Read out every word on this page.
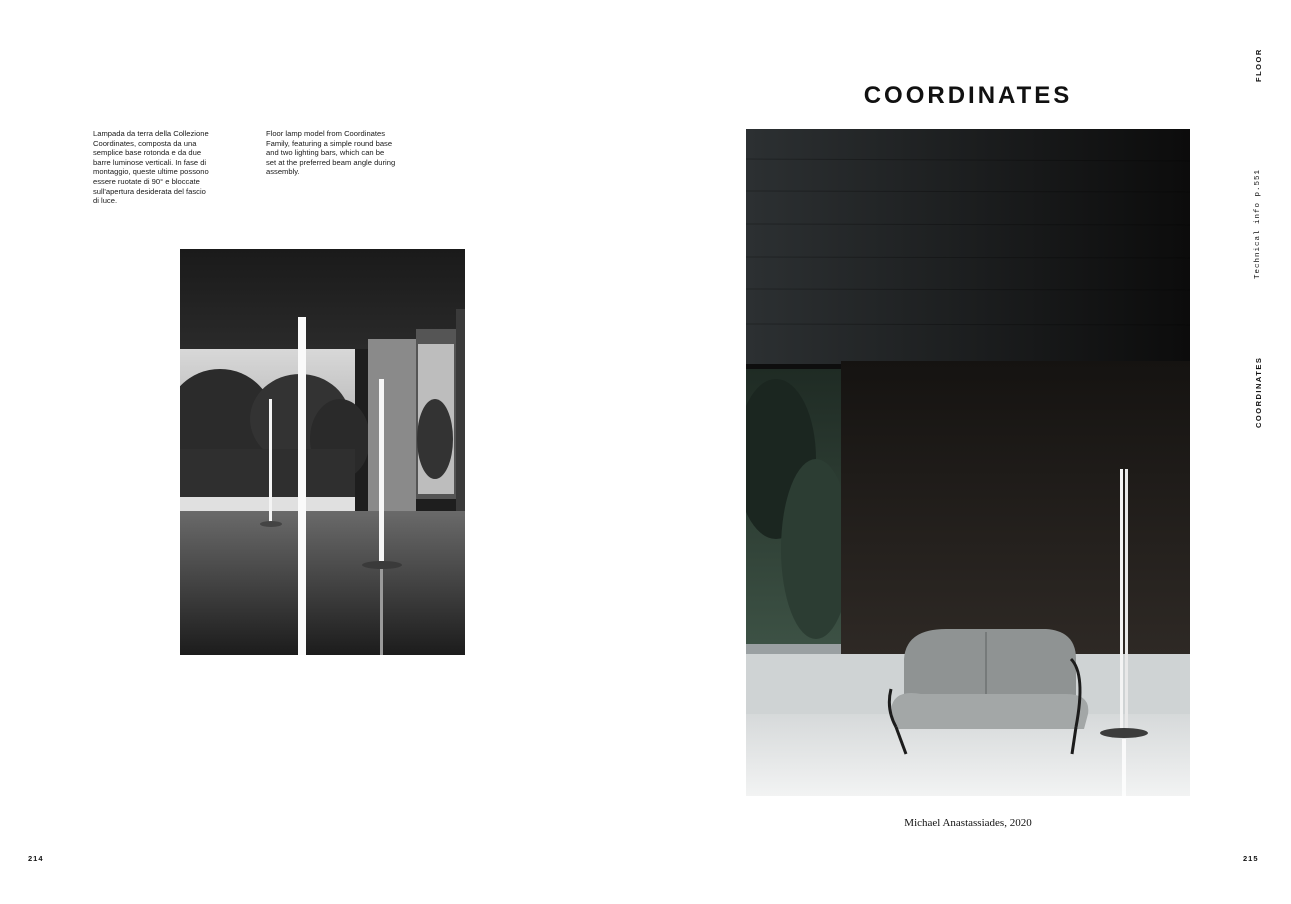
Lampada da terra della Collezione
Coordinates, composta da una
semplice base rotonda e da due
barre luminose verticali. In fase di
montaggio, queste ultime possono
essere ruotate di 90° e bloccate
sull'apertura desiderata del fascio
di luce.
Floor lamp model from Coordinates
Family, featuring a simple round base
and two lighting bars, which can be
set at the preferred beam angle during
assembly.
214
COORDINATES
Michael Anastassiades, 2020
215
FLOOR
Technical info p.551
COORDINATES
